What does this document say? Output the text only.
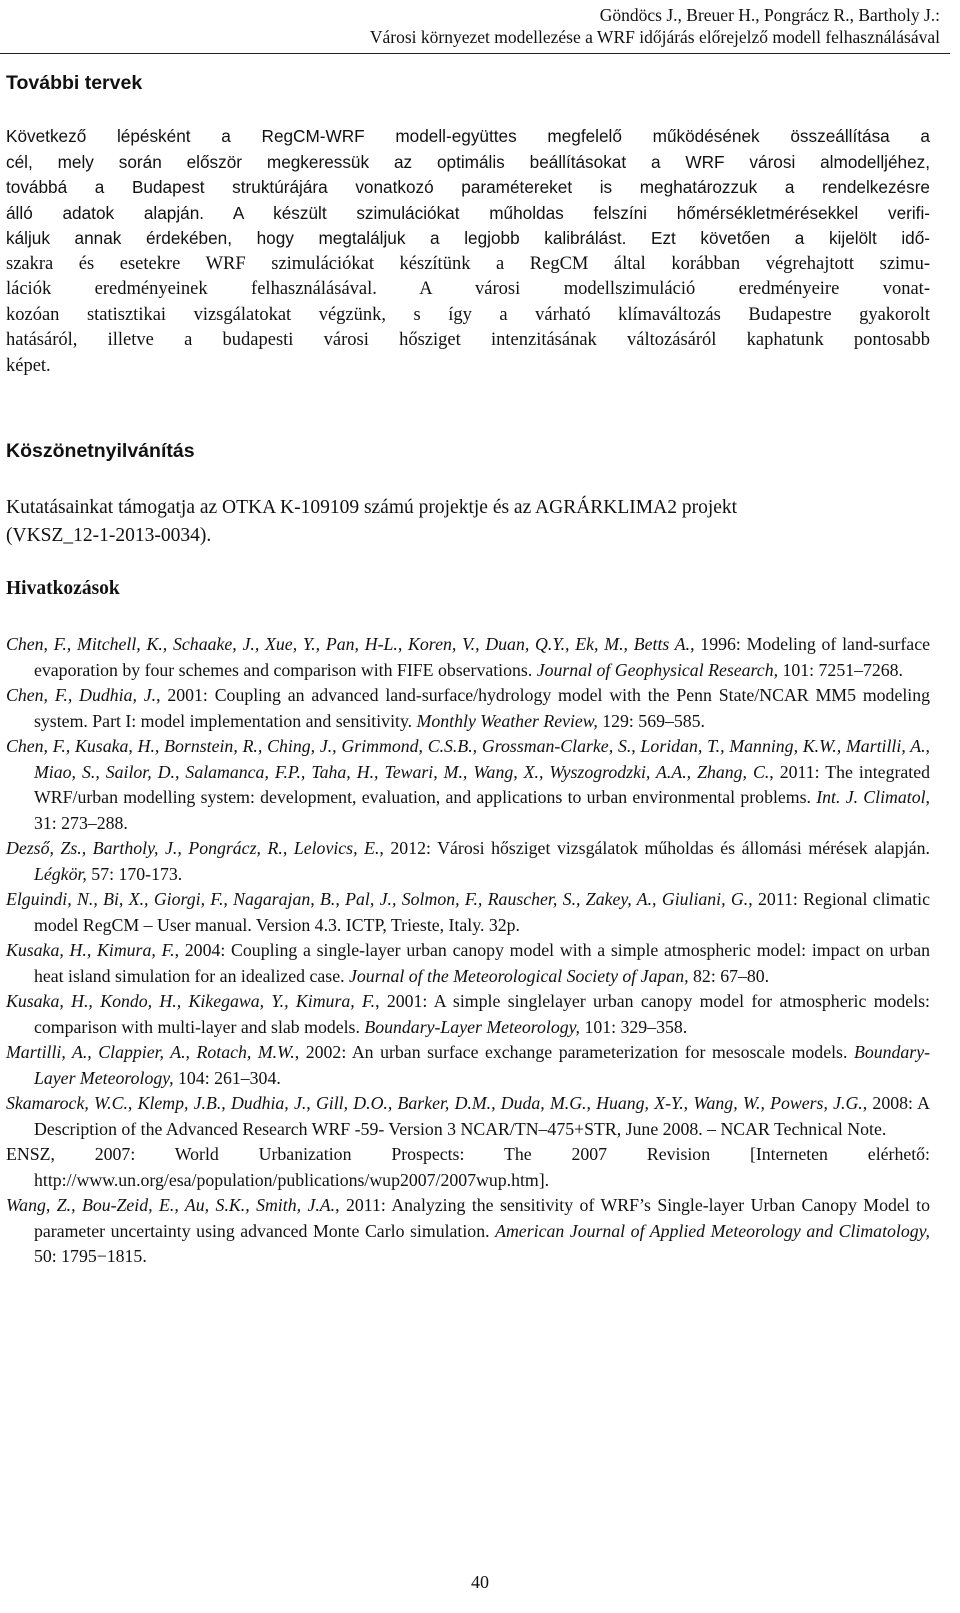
Göndöcs J., Breuer H., Pongrácz R., Bartholy J.:
Városi környezet modellezése a WRF időjárás előrejelző modell felhasználásával
További tervek
Következő lépésként a RegCM-WRF modell-együttes megfelelő működésének összeállítása a
cél, mely során először megkeressük az optimális beállításokat a WRF városi almodelljéhez,
továbbá a Budapest struktúrájára vonatkozó paramétereket is meghatározzuk a rendelkezésre
álló adatok alapján. A készült szimulációkat műholdas felszíni hőmérsékletmérésekkel verifi-
káljuk annak érdekében, hogy megtaláljuk a legjobb kalibrálást. Ezt követően a kijelölt idő-
szakra és esetekre WRF szimulációkat készítünk a RegCM által korábban végrehajtott szimu-
lációk eredményeinek felhasználásával. A városi modellszimuláció eredményeire vonat-
kozóan statisztikai vizsgálatokat végzünk, s így a várható klímaváltozás Budapestre gyakorolt
hatásáról, illetve a budapesti városi hősziget intenzitásának változásáról kaphatunk pontosabb
képet.
Köszönetnyilvánítás
Kutatásainkat támogatja az OTKA K-109109 számú projektje és az AGRÁRKLIMA2 projekt
(VKSZ_12-1-2013-0034).
Hivatkozások

Chen, F., Mitchell, K., Schaake, J., Xue, Y., Pan, H-L., Koren, V., Duan, Q.Y., Ek, M., Betts A., 1996: Modeling of land-surface evaporation by four schemes and comparison with FIFE observations. Journal of Geophysical Research, 101: 7251–7268.

Chen, F., Dudhia, J., 2001: Coupling an advanced land-surface/hydrology model with the Penn State/NCAR MM5 modeling system. Part I: model implementation and sensitivity. Monthly Weather Review, 129: 569–585.

Chen, F., Kusaka, H., Bornstein, R., Ching, J., Grimmond, C.S.B., Grossman-Clarke, S., Loridan, T., Manning, K.W., Martilli, A., Miao, S., Sailor, D., Salamanca, F.P., Taha, H., Tewari, M., Wang, X., Wyszogrodzki, A.A., Zhang, C., 2011: The integrated WRF/urban modelling system: development, evaluation, and applications to urban environmental problems. Int. J. Climatol, 31: 273–288.

Dezső, Zs., Bartholy, J., Pongrácz, R., Lelovics, E., 2012: Városi hősziget vizsgálatok műholdas és állomási mérések alapján. Légkör, 57: 170-173.

Elguindi, N., Bi, X., Giorgi, F., Nagarajan, B., Pal, J., Solmon, F., Rauscher, S., Zakey, A., Giuliani, G., 2011: Regional climatic model RegCM – User manual. Version 4.3. ICTP, Trieste, Italy. 32p.

Kusaka, H., Kimura, F., 2004: Coupling a single-layer urban canopy model with a simple atmospheric model: impact on urban heat island simulation for an idealized case. Journal of the Meteorological Society of Japan, 82: 67–80.

Kusaka, H., Kondo, H., Kikegawa, Y., Kimura, F., 2001: A simple singlelayer urban canopy model for atmospheric models: comparison with multi-layer and slab models. Boundary-Layer Meteorology, 101: 329–358.

Martilli, A., Clappier, A., Rotach, M.W., 2002: An urban surface exchange parameterization for mesoscale models. Boundary-Layer Meteorology, 104: 261–304.

Skamarock, W.C., Klemp, J.B., Dudhia, J., Gill, D.O., Barker, D.M., Duda, M.G., Huang, X-Y., Wang, W., Powers, J.G., 2008: A Description of the Advanced Research WRF -59- Version 3 NCAR/TN–475+STR, June 2008. – NCAR Technical Note.

ENSZ, 2007: World Urbanization Prospects: The 2007 Revision [Interneten elérhető: http://www.un.org/esa/population/publications/wup2007/2007wup.htm].

Wang, Z., Bou-Zeid, E., Au, S.K., Smith, J.A., 2011: Analyzing the sensitivity of WRF’s Single-layer Urban Canopy Model to parameter uncertainty using advanced Monte Carlo simulation. American Journal of Applied Meteorology and Climatology, 50: 1795−1815.

40
